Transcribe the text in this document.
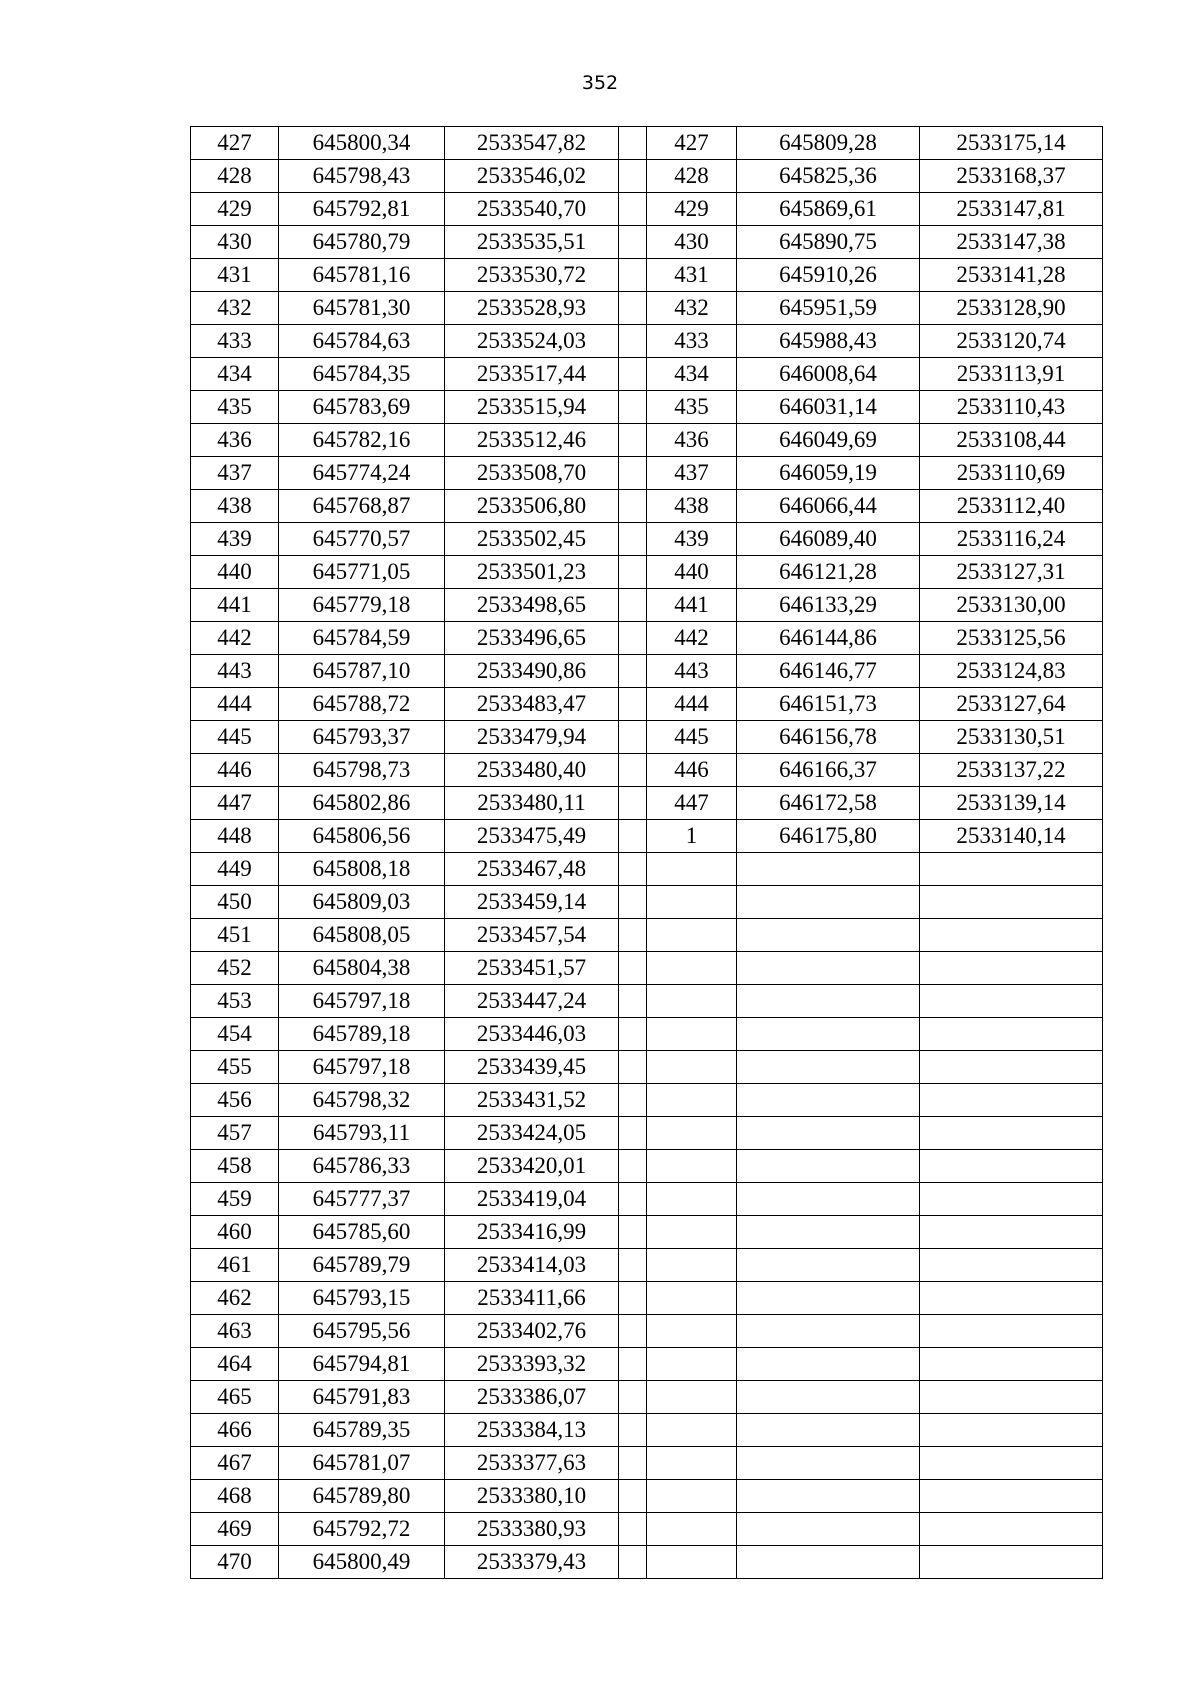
352
427	645800,34	2533547,82		427	645809,28	2533175,14
428	645798,43	2533546,02		428	645825,36	2533168,37
429	645792,81	2533540,70		429	645869,61	2533147,81
430	645780,79	2533535,51		430	645890,75	2533147,38
431	645781,16	2533530,72		431	645910,26	2533141,28
432	645781,30	2533528,93		432	645951,59	2533128,90
433	645784,63	2533524,03		433	645988,43	2533120,74
434	645784,35	2533517,44		434	646008,64	2533113,91
435	645783,69	2533515,94		435	646031,14	2533110,43
436	645782,16	2533512,46		436	646049,69	2533108,44
437	645774,24	2533508,70		437	646059,19	2533110,69
438	645768,87	2533506,80		438	646066,44	2533112,40
439	645770,57	2533502,45		439	646089,40	2533116,24
440	645771,05	2533501,23		440	646121,28	2533127,31
441	645779,18	2533498,65		441	646133,29	2533130,00
442	645784,59	2533496,65		442	646144,86	2533125,56
443	645787,10	2533490,86		443	646146,77	2533124,83
444	645788,72	2533483,47		444	646151,73	2533127,64
445	645793,37	2533479,94		445	646156,78	2533130,51
446	645798,73	2533480,40		446	646166,37	2533137,22
447	645802,86	2533480,11		447	646172,58	2533139,14
448	645806,56	2533475,49		1	646175,80	2533140,14
449	645808,18	2533467,48				
450	645809,03	2533459,14				
451	645808,05	2533457,54				
452	645804,38	2533451,57				
453	645797,18	2533447,24				
454	645789,18	2533446,03				
455	645797,18	2533439,45				
456	645798,32	2533431,52				
457	645793,11	2533424,05				
458	645786,33	2533420,01				
459	645777,37	2533419,04				
460	645785,60	2533416,99				
461	645789,79	2533414,03				
462	645793,15	2533411,66				
463	645795,56	2533402,76				
464	645794,81	2533393,32				
465	645791,83	2533386,07				
466	645789,35	2533384,13				
467	645781,07	2533377,63				
468	645789,80	2533380,10				
469	645792,72	2533380,93				
470	645800,49	2533379,43				
